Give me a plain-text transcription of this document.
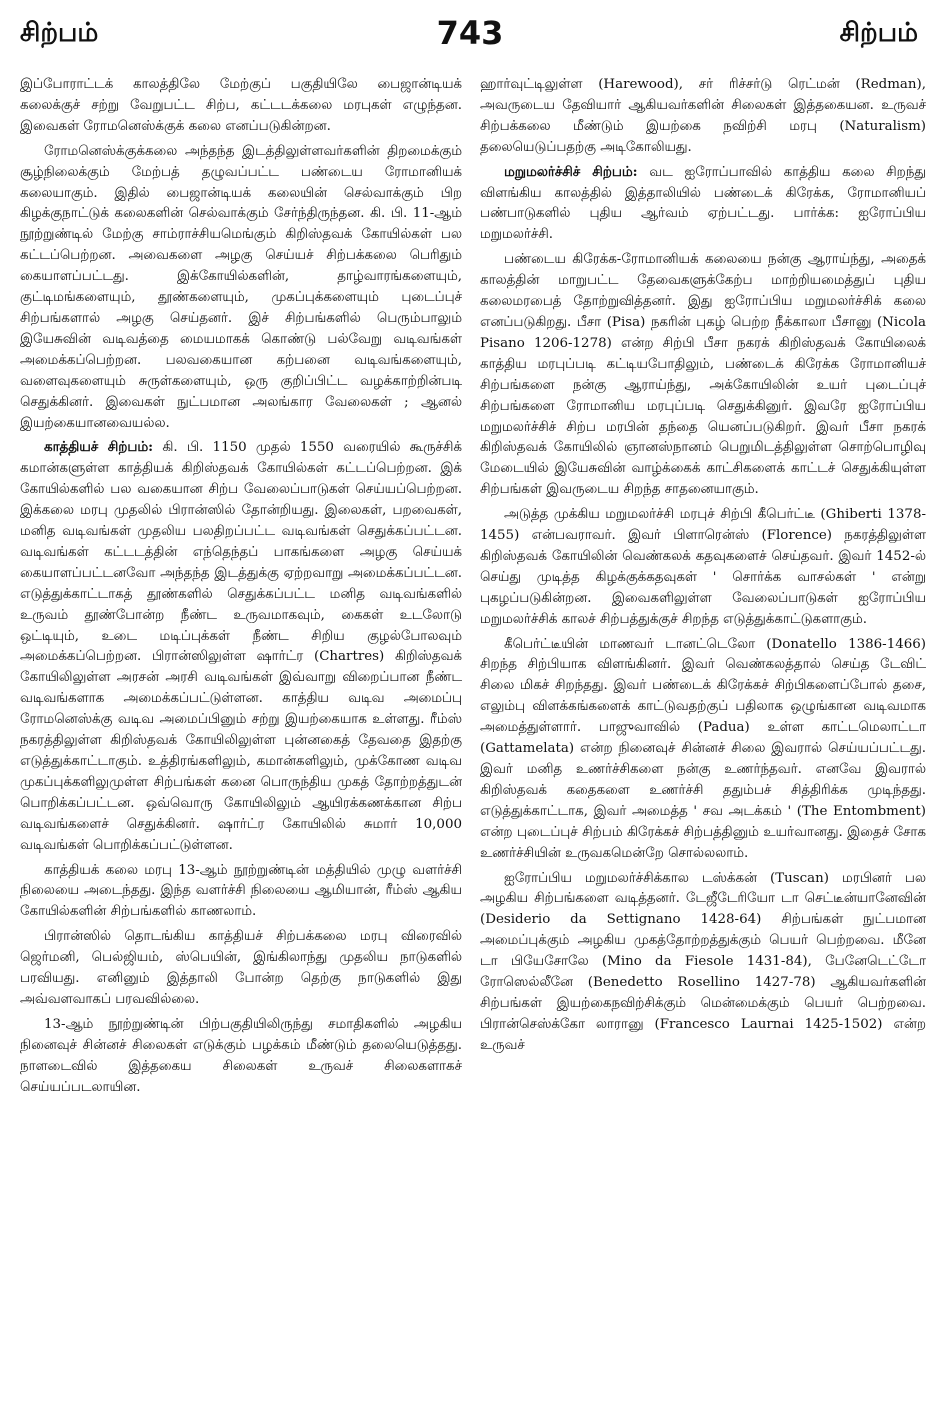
சிற்பம்	743	சிற்பம்

இப்போராட்டக் காலத்திலே மேற்குப் பகுதியிலே பைஜான்டியக் கலைக்குச் சற்று வேறுபட்ட சிற்ப, கட்டடக்கலை மரபுகள் எழுந்தன. இவைகள் ரோமனெஸ்க்குக் கலை எனப்படுகின்றன.

ரோமனெஸ்க்குக்கலை அந்தந்த இடத்திலுள்ளவர்களின் திறமைக்கும் சூழ்நிலைக்கும் மேற்பத் தழுவப்பட்ட பண்டைய ரோமானியக் கலையாகும். இதில் பைஜான்டியக் கலையின் செல்வாக்கும் பிற கிழக்குநாட்டுக் கலைகளின் செல்வாக்கும் சேர்ந்திருந்தன. கி. பி. 11-ஆம் நூற்றுண்டில் மேற்கு சாம்ராச்சியமெங்கும் கிறிஸ்தவக் கோயில்கள் பல கட்டப்பெற்றன. அவைகளை அழகு செய்யச் சிற்பக்கலை பெரிதும் கையாளப்பட்டது. இக்கோயில்களின், தாழ்வாரங்களையும், குட்டிமங்களையும், தூண்களையும், முகப்புக்களையும் புடைப்புச் சிற்பங்களால் அழகு செய்தனர். இச் சிற்பங்களில் பெரும்பாலும் இயேசுவின் வடிவத்தை மையமாகக் கொண்டு பல்வேறு வடிவங்கள் அமைக்கப்பெற்றன. பலவகையான கற்பனை வடிவங்களையும், வளைவுகளையும் சுருள்களையும், ஒரு குறிப்பிட்ட வழக்காற்றின்படி செதுக்கினர். இவைகள் நுட்பமான அலங்கார வேலைகள் ; ஆனல் இயற்கையானவையல்ல.

காத்தியச் சிற்பம்: கி. பி. 1150 முதல் 1550 வரையில் கூருச்சிக் கமான்களுள்ள காத்தியக் கிறிஸ்தவக் கோயில்கள் கட்டப்பெற்றன. இக் கோயில்களில் பல வகையான சிற்ப வேலைப்பாடுகள் செய்யப்பெற்றன. இக்கலை மரபு முதலில் பிரான்ஸில் தோன்றியது. இலைகள், பறவைகள், மனித வடிவங்கள் முதலிய பலதிறப்பட்ட வடிவங்கள் செதுக்கப்பட்டன. வடிவங்கள் கட்டடத்தின் எந்தெந்தப் பாகங்களை அழகு செய்யக் கையாளப்பட்டனவோ அந்தந்த இடத்துக்கு ஏற்றவாறு அமைக்கப்பட்டன. எடுத்துக்காட்டாகத் தூண்களில் செதுக்கப்பட்ட மனித வடிவங்களில் உருவம் தூண்போன்ற நீண்ட உருவமாகவும், கைகள் உடலோடு ஒட்டியும், உடை மடிப்புக்கள் நீண்ட சிறிய குழல்போலவும் அமைக்கப்பெற்றன. பிரான்ஸிலுள்ள ஷார்ட்ர (Chartres) கிறிஸ்தவக் கோயிலிலுள்ள அரசன் அரசி வடிவங்கள் இவ்வாறு விறைப்பான நீண்ட வடிவங்களாக அமைக்கப்பட்டுள்ளன. காத்திய வடிவ அமைப்பு ரோமனெஸ்க்கு வடிவ அமைப்பினும் சற்று இயற்கையாக உள்ளது. ரீம்ஸ் நகரத்திலுள்ள கிறிஸ்தவக் கோயிலிலுள்ள புன்னகைத் தேவதை இதற்கு எடுத்துக்காட்டாகும். உத்திரங்களிலும், கமான்களிலும், முக்கோண வடிவ முகப்புக்களிலுமுள்ள சிற்பங்கள் கனை பொருந்திய முகத் தோற்றத்துடன் பொறிக்கப்பட்டன. ஒவ்வொரு கோயிலிலும் ஆயிரக்கணக்கான சிற்ப வடிவங்களைச் செதுக்கினர். ஷார்ட்ர கோயிலில் சுமார் 10,000 வடிவங்கள் பொறிக்கப்பட்டுள்ளன.

காத்தியக் கலை மரபு 13-ஆம் நூற்றுண்டின் மத்தியில் முழு வளர்ச்சி நிலையை அடைந்தது. இந்த வளர்ச்சி நிலையை ஆமியான், ரீம்ஸ் ஆகிய கோயில்களின் சிற்பங்களில் காணலாம்.

பிரான்ஸில் தொடங்கிய காத்தியச் சிற்பக்கலை மரபு விரைவில் ஜெர்மனி, பெல்ஜியம், ஸ்பெயின், இங்கிலாந்து முதலிய நாடுகளில் பரவியது. எனினும் இத்தாலி போன்ற தெற்கு நாடுகளில் இது அவ்வளவாகப் பரவவில்லை.

13-ஆம் நூற்றுண்டின் பிற்பகுதியிலிருந்து சமாதிகளில் அழகிய நினைவுச் சின்னச் சிலைகள் எடுக்கும் பழக்கம் மீண்டும் தலையெடுத்தது. நாளடைவில் இத்தகைய சிலைகள் உருவச் சிலைகளாகச் செய்யப்படலாயின.

ஹார்வுட்டிலுள்ள (Harewood), சர் ரிச்சர்டு ரெட்மன் (Redman), அவருடைய தேவியார் ஆகியவர்களின் சிலைகள் இத்தகையன. உருவச் சிற்பக்கலை மீண்டும் இயற்கை நவிற்சி மரபு (Naturalism) தலையெடுப்பதற்கு அடிகோலியது.

மறுமலர்ச்சிச் சிற்பம்: வட ஐரோப்பாவில் காத்திய கலை சிறந்து விளங்கிய காலத்தில் இத்தாலியில் பண்டைக் கிரேக்க, ரோமானியப் பண்பாடுகளில் புதிய ஆர்வம் ஏற்பட்டது. பார்க்க: ஐரோப்பிய மறுமலர்ச்சி.

பண்டைய கிரேக்க-ரோமானியக் கலையை நன்கு ஆராய்ந்து, அதைக் காலத்தின் மாறுபட்ட தேவைகளுக்கேற்ப மாற்றியமைத்துப் புதிய கலைமரபைத் தோற்றுவித்தனர். இது ஐரோப்பிய மறுமலர்ச்சிக் கலை எனப்படுகிறது. பீசா (Pisa) நகரின் புகழ் பெற்ற நீக்காலா பீசானு (Nicola Pisano 1206-1278) என்ற சிற்பி பீசா நகரக் கிறிஸ்தவக் கோயிலைக் காத்திய மரபுப்படி கட்டியபோதிலும், பண்டைக் கிரேக்க ரோமானியச் சிற்பங்களை நன்கு ஆராய்ந்து, அக்கோயிலின் உயர் புடைப்புச் சிற்பங்களை ரோமானிய மரபுப்படி செதுக்கினுர். இவரே ஐரோப்பிய மறுமலர்ச்சிச் சிற்ப மரபின் தந்தை யெனப்படுகிறர். இவர் பீசா நகரக் கிறிஸ்தவக் கோயிலில் ஞானஸ்நானம் பெறுமிடத்திலுள்ள சொற்பொழிவு மேடையில் இயேசுவின் வாழ்க்கைக் காட்சிகளைக் காட்டச் செதுக்கியுள்ள சிற்பங்கள் இவருடைய சிறந்த சாதனையாகும்.

அடுத்த முக்கிய மறுமலர்ச்சி மரபுச் சிற்பி கீபெர்ட்டீ (Ghiberti 1378-1455) என்பவராவர். இவர் பிளாரென்ஸ் (Florence) நகரத்திலுள்ள கிறிஸ்தவக் கோயிலின் வெண்கலக் கதவுகளைச் செய்தவர். இவர் 1452-ல் செய்து முடித்த கிழக்குக்கதவுகள் ' சொர்க்க வாசல்கள் ' என்று புகழப்படுகின்றன. இவைகளிலுள்ள வேலைப்பாடுகள் ஐரோப்பிய மறுமலர்ச்சிக் காலச் சிற்பத்துக்குச் சிறந்த எடுத்துக்காட்டுகளாகும்.

கீபெர்ட்டீயின் மாணவர் டானட்டெலோ (Donatello 1386-1466) சிறந்த சிற்பியாக விளங்கினர். இவர் வெண்கலத்தால் செய்த டேவிட் சிலை மிகச் சிறந்தது. இவர் பண்டைக் கிரேக்கச் சிற்பிகளைப்போல் தசை, எலும்பு விளக்கங்களைக் காட்டுவதற்குப் பதிலாக ஒழுங்கான வடிவமாக அமைத்துள்ளார். பாஜுவாவில் (Padua) உள்ள காட்டமெலாட்டா (Gattamelata) என்ற நினைவுச் சின்னச் சிலை இவரால் செய்யப்பட்டது. இவர் மனித உணர்ச்சிகளை நன்கு உணர்ந்தவர். எனவே இவரால் கிறிஸ்தவக் கதைகளை உணர்ச்சி ததும்பச் சித்திரிக்க முடிந்தது. எடுத்துக்காட்டாக, இவர் அமைத்த ' சவ அடக்கம் ' (The Entombment) என்ற புடைப்புச் சிற்பம் கிரேக்கச் சிற்பத்தினும் உயர்வானது. இதைச் சோக உணர்ச்சியின் உருவகமென்றே சொல்லலாம்.

ஐரோப்பிய மறுமலர்ச்சிக்கால டஸ்க்கன் (Tuscan) மரபினர் பல அழகிய சிற்பங்களை வடித்தனர். டேஜீடேரியோ டா செட்டீன்யானேவின் (Desiderio da Settignano 1428-64) சிற்பங்கள் நுட்பமான அமைப்புக்கும் அழகிய முகத்தோற்றத்துக்கும் பெயர் பெற்றவை. மீனே டா பியேசோலே (Mino da Fiesole 1431-84), பேனேடெட்டோ ரோஸெல்லீனே (Benedetto Rosellino 1427-78) ஆகியவர்களின் சிற்பங்கள் இயற்கைநவிற்சிக்கும் மென்மைக்கும் பெயர் பெற்றவை. பிரான்செஸ்க்கோ லாரானு (Francesco Laurnai 1425-1502) என்ற உருவச்
